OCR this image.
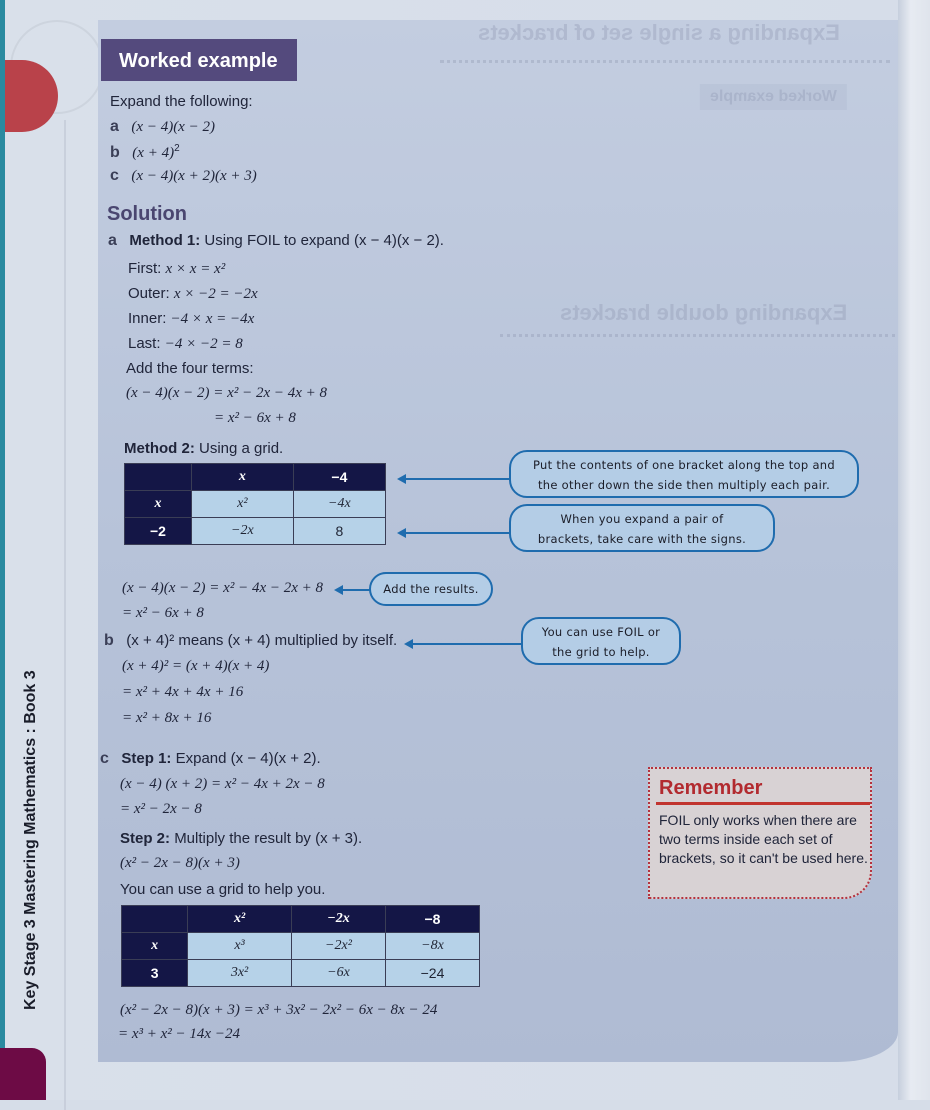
Key Stage 3 Mastering Mathematics : Book 3
Expanding a single set of brackets
Worked example
Expanding double brackets
Worked example
Expand the following:
a (x − 4)(x − 2)
b $(x + 4)^2$
c (x − 4)(x + 2)(x + 3)
Solution
a Method 1: Using FOIL to expand (x − 4)(x − 2).
First: x × x = x²
Outer: x × −2 = −2x
Inner: −4 × x = −4x
Last: −4 × −2 = 8
Add the four terms:
(x − 4)(x − 2) = x² − 2x − 4x + 8
= x² − 6x + 8
Method 2: Using a grid.
	x	−4
x	x²	−4x
−2	−2x	8
Put the contents of one bracket along the top and
the other down the side then multiply each pair.
When you expand a pair of
brackets, take care with the signs.
(x − 4)(x − 2) = x² − 4x − 2x + 8	Add the results.
= x² − 6x + 8
b (x + 4)² means (x + 4) multiplied by itself.	You can use FOIL or
the grid to help.
(x + 4)² = (x + 4)(x + 4)
= x² + 4x + 4x + 16
= x² + 8x + 16
c Step 1: Expand (x − 4)(x + 2).
(x − 4) (x + 2) = x² − 4x + 2x − 8
= x² − 2x − 8
Step 2: Multiply the result by (x + 3).
(x² − 2x − 8)(x + 3)
You can use a grid to help you.
	x²	−2x	−8
x	x³	−2x²	−8x
3	3x²	−6x	−24
(x² − 2x − 8)(x + 3) = x³ + 3x² − 2x² − 6x − 8x − 24
= x³ + x² − 14x −24
Remember
FOIL only works when there are two terms inside each set of brackets, so it can't be used here.
